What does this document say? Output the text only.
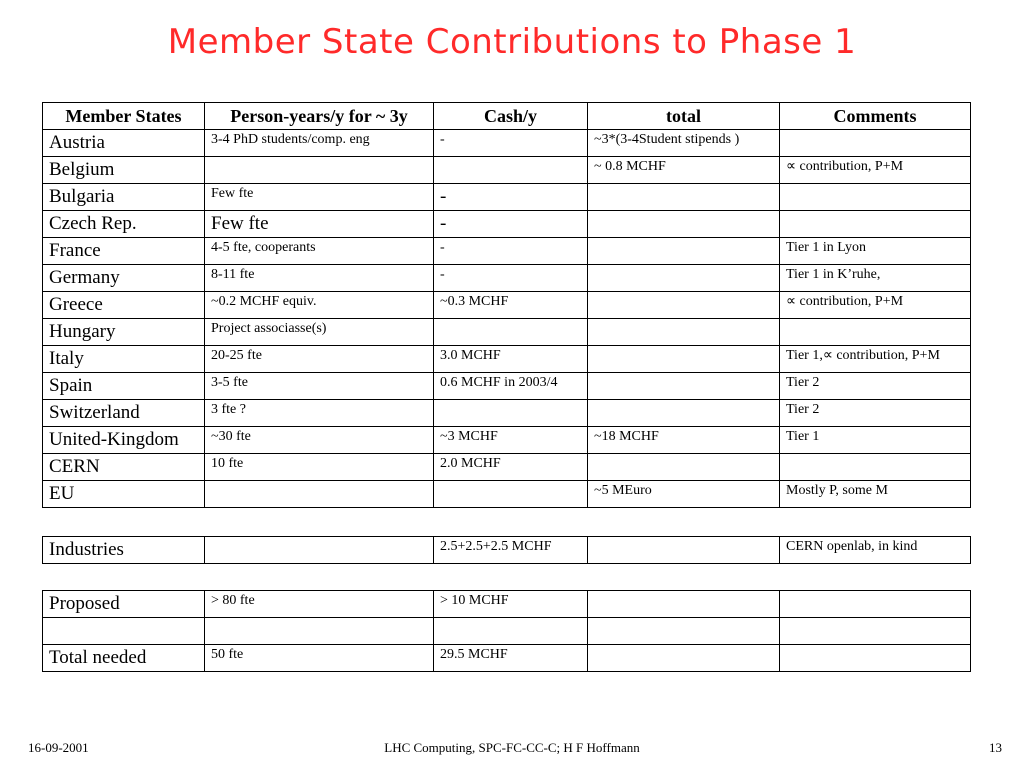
Member State Contributions to Phase 1
Member States	Person-years/y for ~ 3y	Cash/y	total	Comments
Austria	3-4 PhD students/comp. eng	-	~3*(3-4Student stipends )	
Belgium			~ 0.8 MCHF	∝ contribution, P+M
Bulgaria	Few fte	-		
Czech Rep.	Few fte	-		
France	4-5 fte, cooperants	-		Tier 1 in Lyon
Germany	8-11 fte	-		Tier 1 in K’ruhe,
Greece	~0.2 MCHF equiv.	~0.3 MCHF		∝ contribution, P+M
Hungary	Project associasse(s)			
Italy	20-25 fte	3.0 MCHF		Tier 1,∝ contribution, P+M
Spain	3-5 fte	0.6 MCHF in 2003/4		Tier 2
Switzerland	3 fte ?			Tier 2
United-Kingdom	~30 fte	~3 MCHF	~18 MCHF	Tier 1
CERN	10 fte	2.0 MCHF		
EU			~5 MEuro	Mostly P, some M
Industries		2.5+2.5+2.5 MCHF		CERN openlab, in kind
Proposed	> 80 fte	> 10 MCHF		

Total needed	50 fte	29.5 MCHF		
16-09-2001	LHC Computing, SPC-FC-CC-C; H F Hoffmann	13
